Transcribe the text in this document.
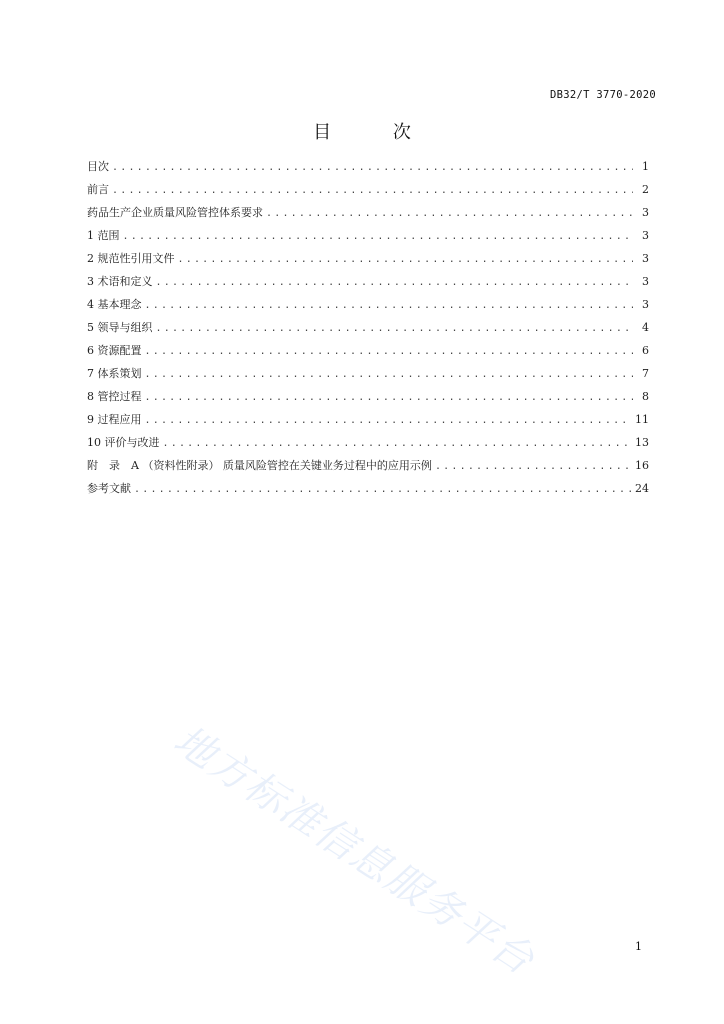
DB32/T 3770-2020
目 次
目次 .....	1
前言 .....	2
药品生产企业质量风险管控体系要求 .....	3
1 范围 .....	3
2 规范性引用文件 .....	3
3 术语和定义 .....	3
4 基本理念 .....	3
5 领导与组织 .....	4
6 资源配置 .....	6
7 体系策划 .....	7
8 管控过程 .....	8
9 过程应用 .....	11
10 评价与改进 .....	13
附　录　A （资料性附录） 质量风险管控在关键业务过程中的应用示例 .....	16
参考文献 .....	24
地方标准信息服务平台	1
